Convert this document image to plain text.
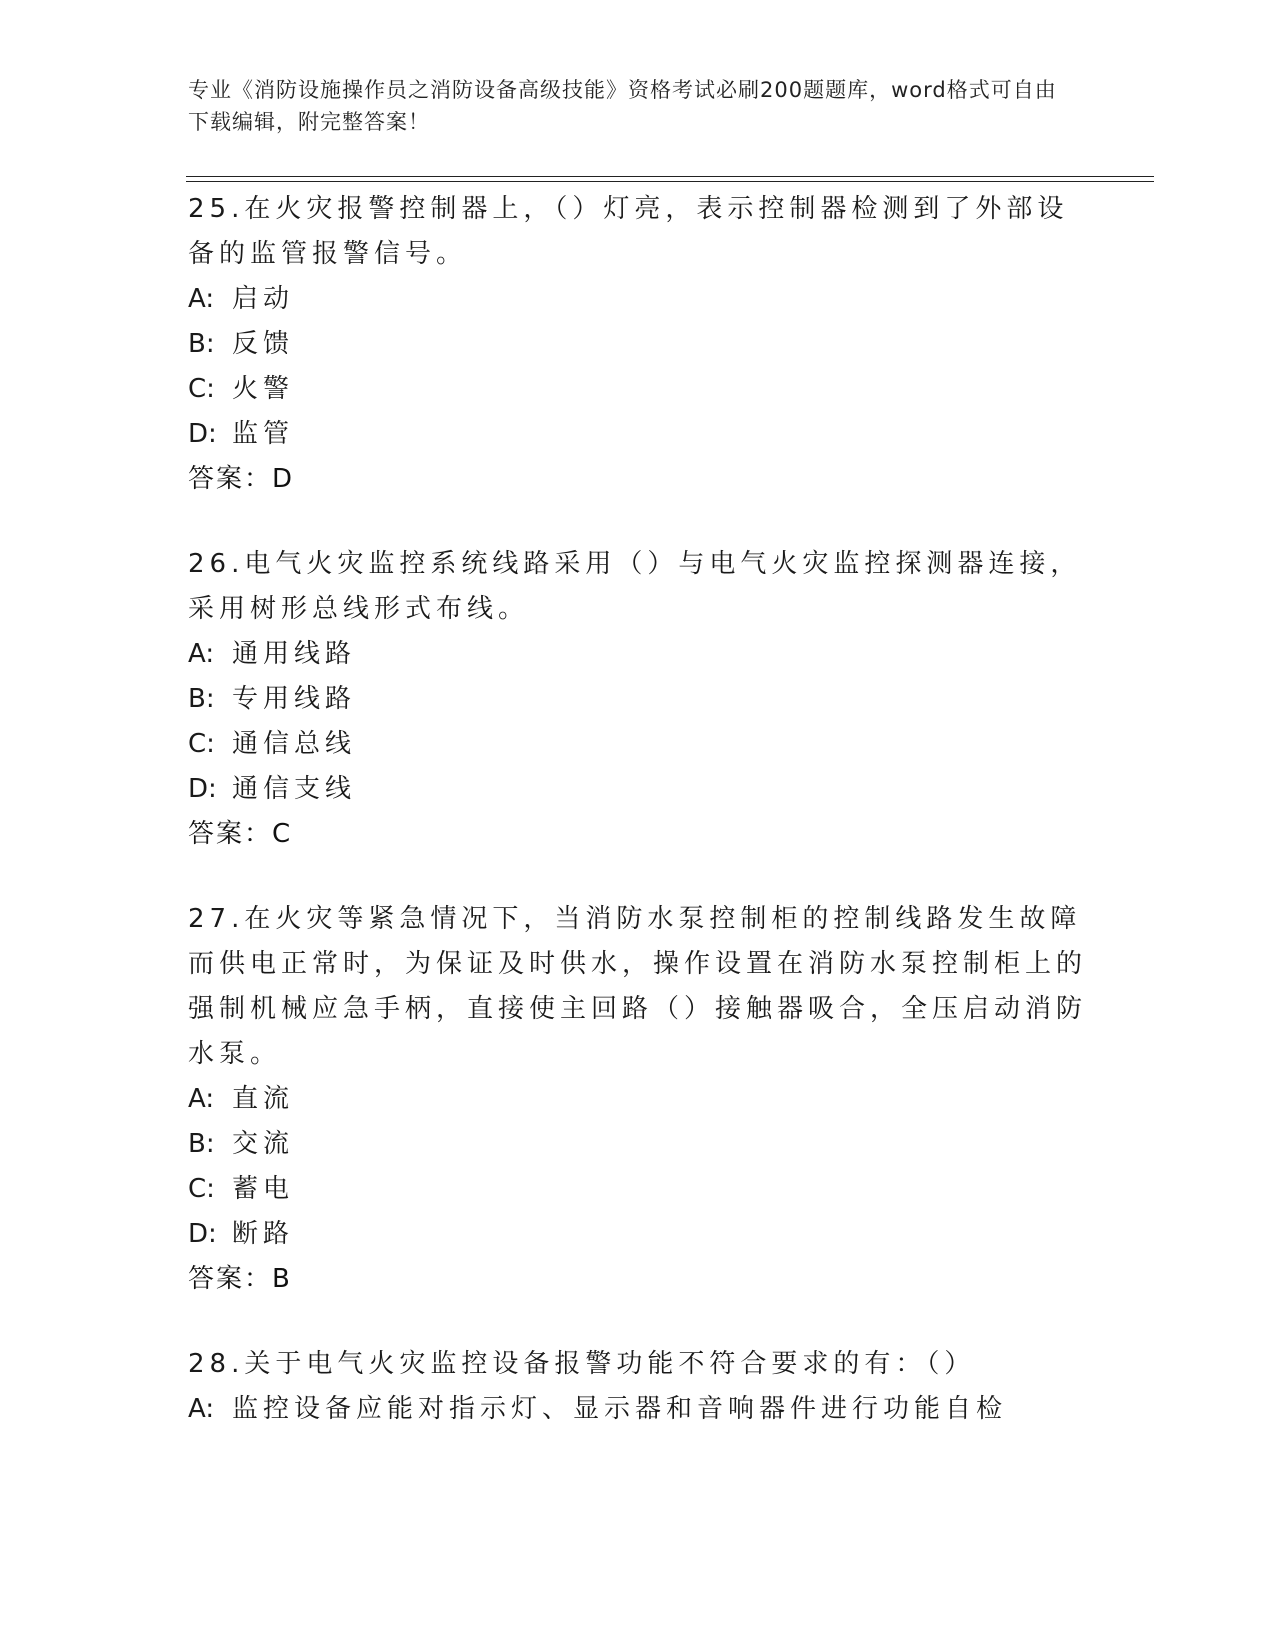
专业《消防设施操作员之消防设备高级技能》资格考试必刷200题题库，word格式可自由下载编辑，附完整答案！
25.在火灾报警控制器上，（）灯亮，表示控制器检测到了外部设备的监管报警信号。
A: 启动
B: 反馈
C: 火警
D: 监管
答案：D
26.电气火灾监控系统线路采用（）与电气火灾监控探测器连接，采用树形总线形式布线。
A: 通用线路
B: 专用线路
C: 通信总线
D: 通信支线
答案：C
27.在火灾等紧急情况下，当消防水泵控制柜的控制线路发生故障而供电正常时，为保证及时供水，操作设置在消防水泵控制柜上的强制机械应急手柄，直接使主回路（）接触器吸合，全压启动消防水泵。
A: 直流
B: 交流
C: 蓄电
D: 断路
答案：B
28.关于电气火灾监控设备报警功能不符合要求的有：（）
A: 监控设备应能对指示灯、显示器和音响器件进行功能自检
